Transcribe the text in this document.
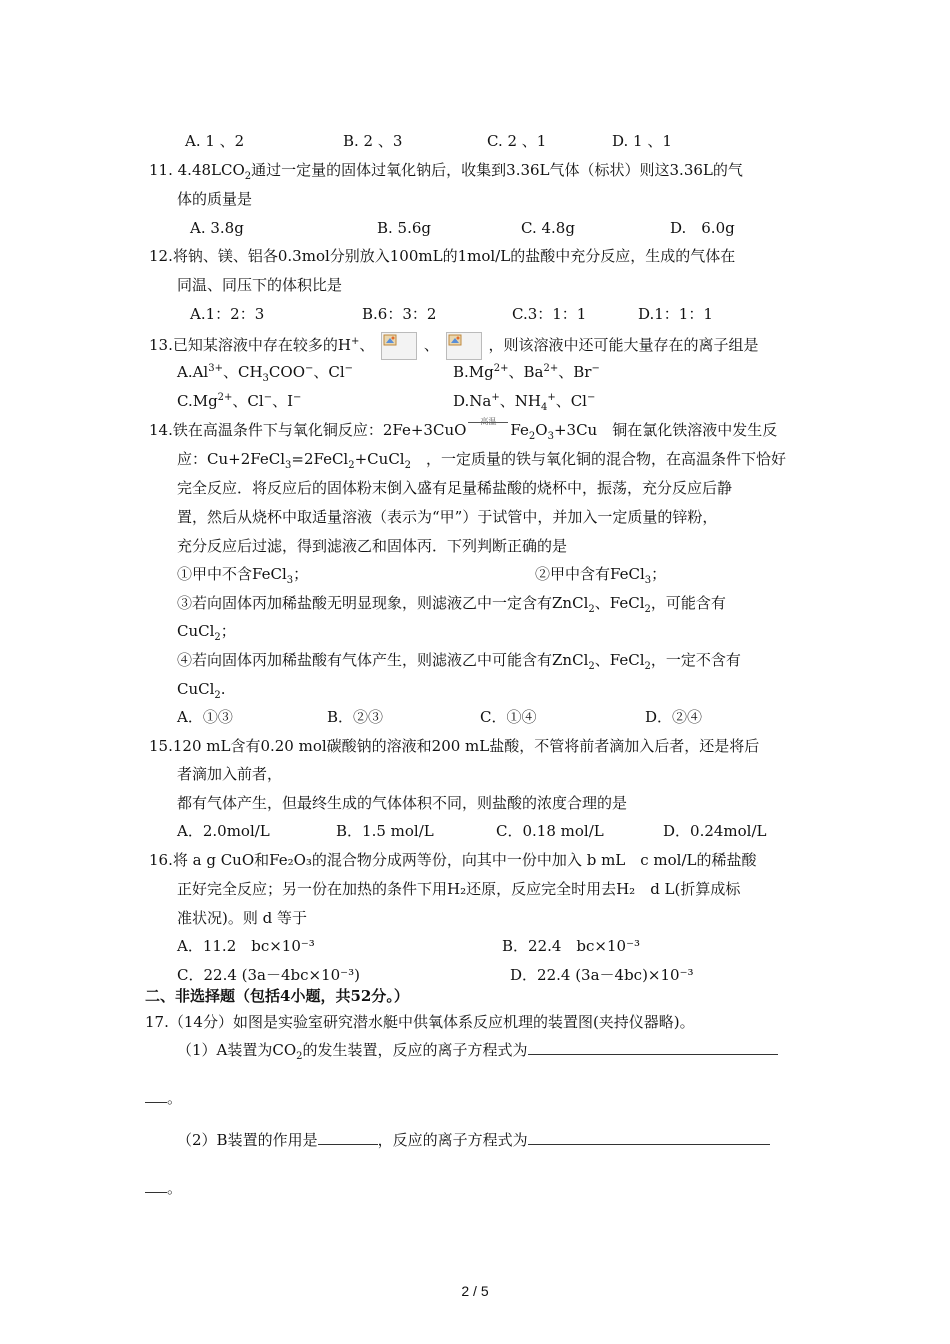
A. 1 、2	B. 2 、3	C. 2 、1	D. 1 、1
11. $4.48LCO_2$通过一定量的固体过氧化钠后，收集到3.36L气体（标状）则这3.36L的气
体的质量是
A. 3.8g	B. 5.6g	C. 4.8g	D.　6.0g
12.将钠、镁、铝各0.3mol分别放入100mL的1mol/L的盐酸中充分反应，生成的气体在
同温、同压下的体积比是
A.1：2：3	B.6：3：2	C.3：1：1	D.1：1：1
13.已知某溶液中存在较多的H+、	、	，则该溶液中还可能大量存在的离子组是
$A.Al^{3+}$、$CH_3COO^-$、Cl−	$B.Mg^{2+}$、$Ba^{2+}$、Br−
$C.Mg^{2+}$、Cl−、I−	D.Na+、$NH_4^+$、Cl−
14.铁在高温条件下与氧化铜反应：2Fe+3CuO	高温 $Fe_2O_3+3Cu$　铜在氯化铁溶液中发生反
应：Cu+2FeCl$_3$=2FeCl$_2$+CuCl$_2$　，一定质量的铁与氧化铜的混合物，在高温条件下恰好
完全反应．将反应后的固体粉末倒入盛有足量稀盐酸的烧杯中，振荡，充分反应后静
置，然后从烧杯中取适量溶液（表示为“甲”）于试管中，并加入一定质量的锌粉，
充分反应后过滤，得到滤液乙和固体丙．下列判断正确的是
①甲中不含FeCl$_3$；	②甲中含有FeCl$_3$；
③若向固体丙加稀盐酸无明显现象，则滤液乙中一定含有ZnCl$_2$、FeCl$_2$，可能含有
CuCl$_2$；
④若向固体丙加稀盐酸有气体产生，则滤液乙中可能含有ZnCl$_2$、FeCl$_2$，一定不含有
CuCl$_2$.
A．①③	B．②③	C．①④	D．②④
15.120 mL含有0.20 mol碳酸钠的溶液和200 mL盐酸，不管将前者滴加入后者，还是将后
者滴加入前者，
都有气体产生，但最终生成的气体体积不同，则盐酸的浓度合理的是
A．2.0mol/L	B．1.5 mol/L	C．0.18 mol/L	D．0.24mol/L
16.将 a g CuO和Fe₂O₃的混合物分成两等份，向其中一份中加入 b mL　c mol/L的稀盐酸
正好完全反应；另一份在加热的条件下用H₂还原，反应完全时用去H₂　d L(折算成标
准状况)。则 d 等于
A．11.2　bc×10⁻³	B．22.4　bc×10⁻³
C．22.4 (3a－4bc×10⁻³)	D．22.4 (3a－4bc)×10⁻³
二、非选择题（包括4小题，共52分。）
17.（14分）如图是实验室研究潜水艇中供氧体系反应机理的装置图(夹持仪器略)。
（1）A装置为$CO_2$的发生装置，反应的离子方程式为
。
（2）B装置的作用是	，反应的离子方程式为
。
2 / 5
